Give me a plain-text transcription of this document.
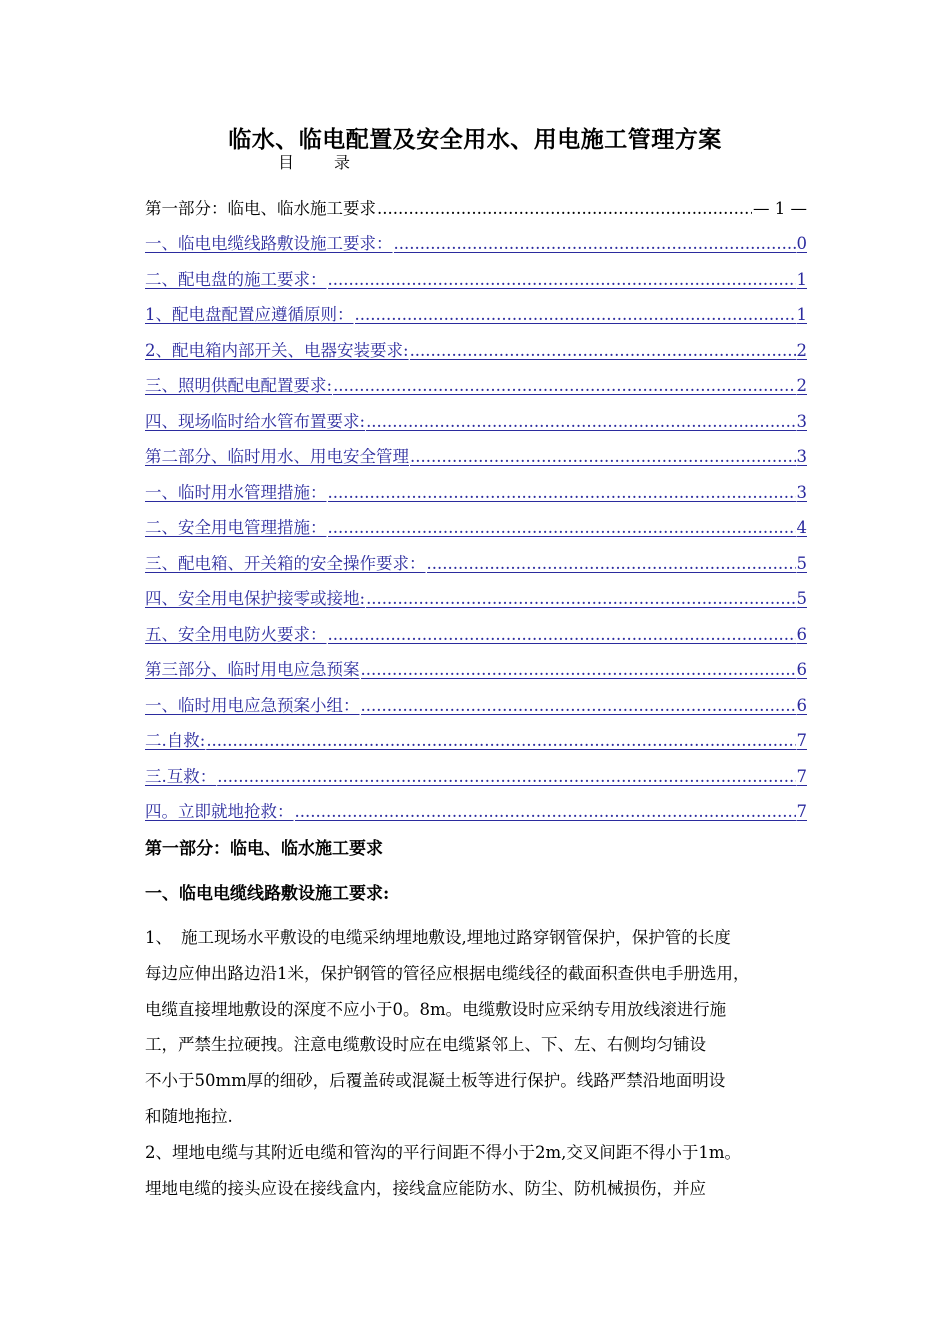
临水、临电配置及安全用水、用电施工管理方案
目录
第一部分：临电、临水施工要求 .....	— 1 —
一、临电电缆线路敷设施工要求： .....	0
二、配电盘的施工要求： .....	1
1、配电盘配置应遵循原则： .....	1
2、配电箱内部开关、电器安装要求: .....	2
三、照明供配电配置要求: .....	2
四、现场临时给水管布置要求: .....	3
第二部分、临时用水、用电安全管理 .....	3
一、临时用水管理措施： .....	3
二、安全用电管理措施： .....	4
三、配电箱、开关箱的安全操作要求： .....	5
四、安全用电保护接零或接地: .....	5
五、安全用电防火要求： .....	6
第三部分、临时用电应急预案 .....	6
一、临时用电应急预案小组： .....	6
二.自救: .....	7
三.互救： .....	7
四。立即就地抢救： .....	7
第一部分：临电、临水施工要求
一、临电电缆线路敷设施工要求:

1、 施工现场水平敷设的电缆采纳埋地敷设,埋地过路穿钢管保护，保护管的长度

每边应伸出路边沿1米，保护钢管的管径应根据电缆线径的截面积查供电手册选用，

电缆直接埋地敷设的深度不应小于0。8m。电缆敷设时应采纳专用放线滚进行施

工，严禁生拉硬拽。注意电缆敷设时应在电缆紧邻上、下、左、右侧均匀铺设

不小于50mm厚的细砂，后覆盖砖或混凝土板等进行保护。线路严禁沿地面明设

和随地拖拉.

2、埋地电缆与其附近电缆和管沟的平行间距不得小于2m,交叉间距不得小于1m。

埋地电缆的接头应设在接线盒内，接线盒应能防水、防尘、防机械损伤，并应
